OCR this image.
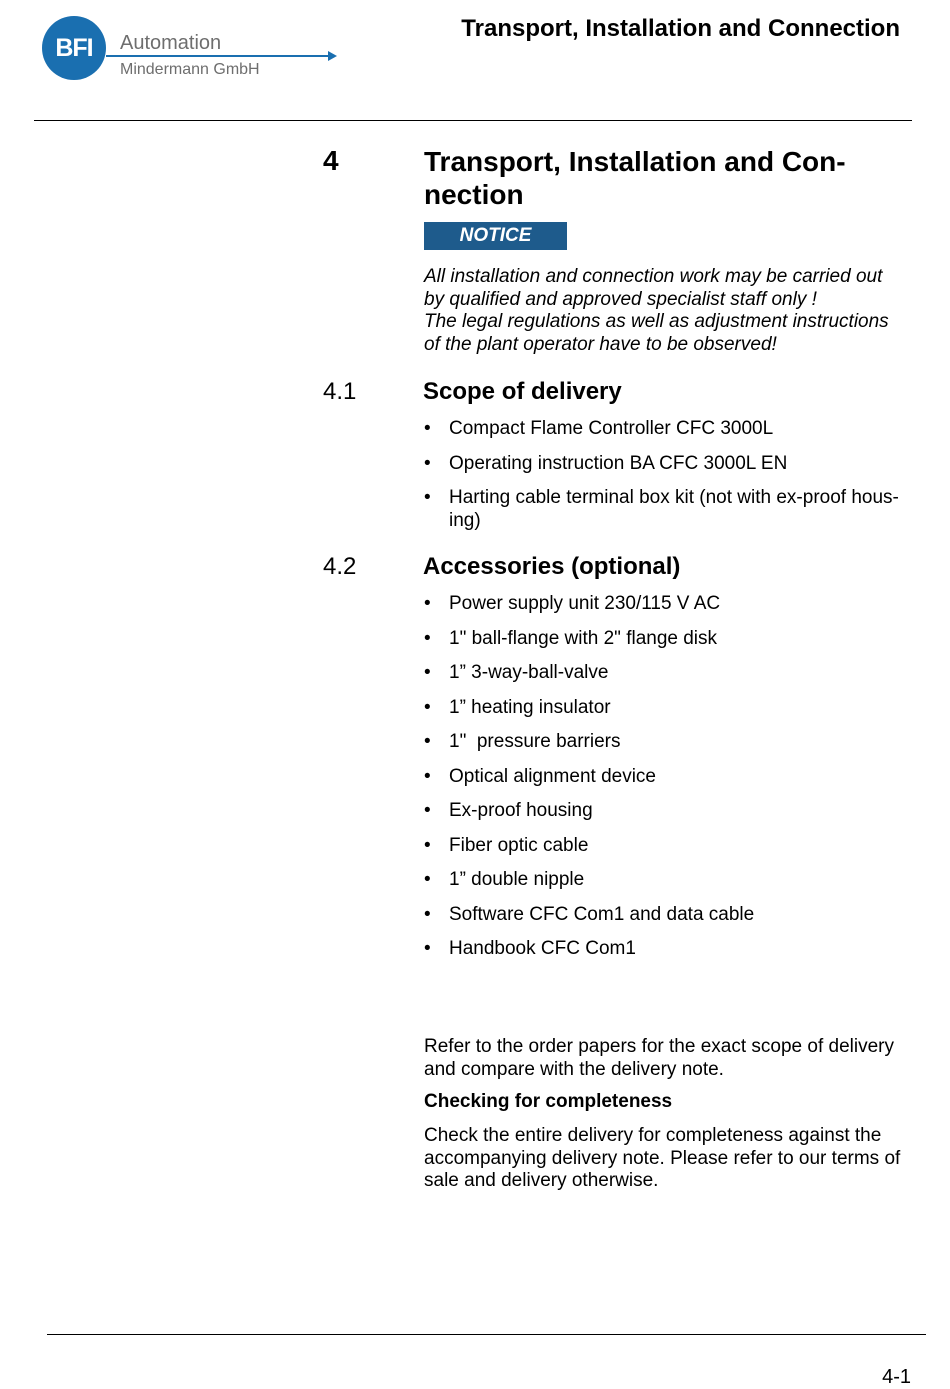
BFI	Automation
Mindermann GmbH
Transport, Installation and Connection
4	Transport, Installation and Con-
nection
NOTICE
All installation and connection work may be carried out
by qualified and approved specialist staff only !
The legal regulations as well as adjustment instructions
of the plant operator have to be observed!
4.1	Scope of delivery
• Compact Flame Controller CFC 3000L
• Operating instruction BA CFC 3000L EN
• Harting cable terminal box kit (not with ex-proof hous-
ing)
4.2	Accessories (optional)
• Power supply unit 230/115 V AC
• 1" ball-flange with 2" flange disk
• 1” 3-way-ball-valve
• 1” heating insulator
• 1"  pressure barriers
• Optical alignment device
• Ex-proof housing
• Fiber optic cable
• 1” double nipple
• Software CFC Com1 and data cable
• Handbook CFC Com1
Refer to the order papers for the exact scope of delivery and compare with the delivery note.
Checking for completeness
Check the entire delivery for completeness against the accompanying delivery note. Please refer to our terms of sale and delivery otherwise.
4-1
